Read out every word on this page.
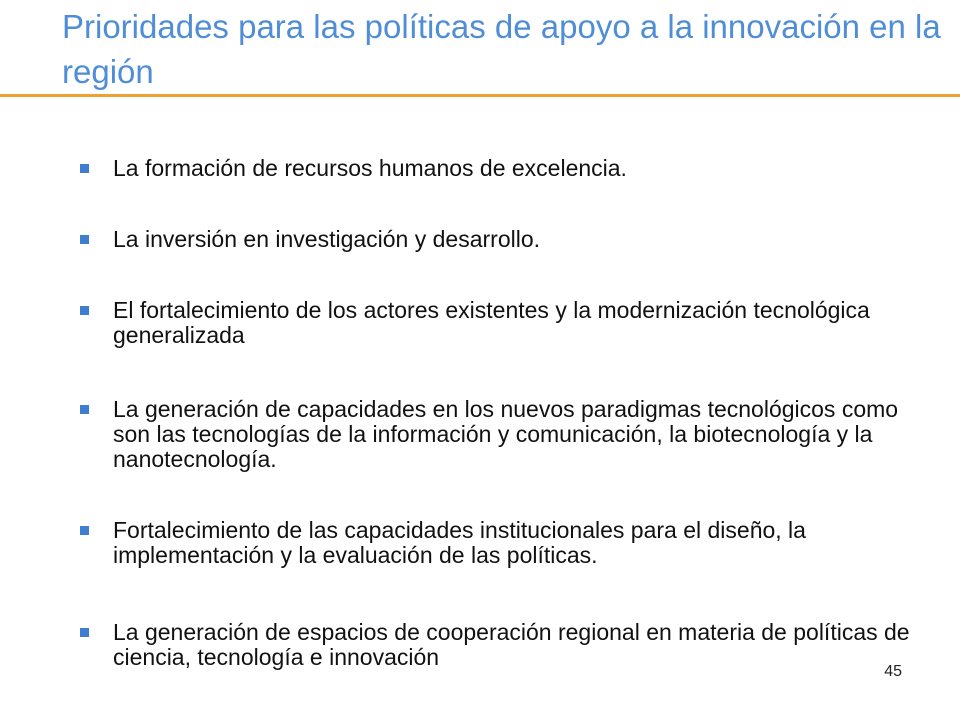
Prioridades para las políticas de apoyo a la innovación en la región
La formación de recursos humanos de excelencia.
La inversión en investigación y desarrollo.
El fortalecimiento de los actores existentes y la modernización tecnológica generalizada
La generación de capacidades en los nuevos paradigmas tecnológicos como son las tecnologías de la información y comunicación, la biotecnología y la nanotecnología.
Fortalecimiento de las capacidades institucionales para el diseño, la implementación y la evaluación de las políticas.
La generación de espacios de cooperación regional en materia de políticas de ciencia, tecnología e innovación
45
